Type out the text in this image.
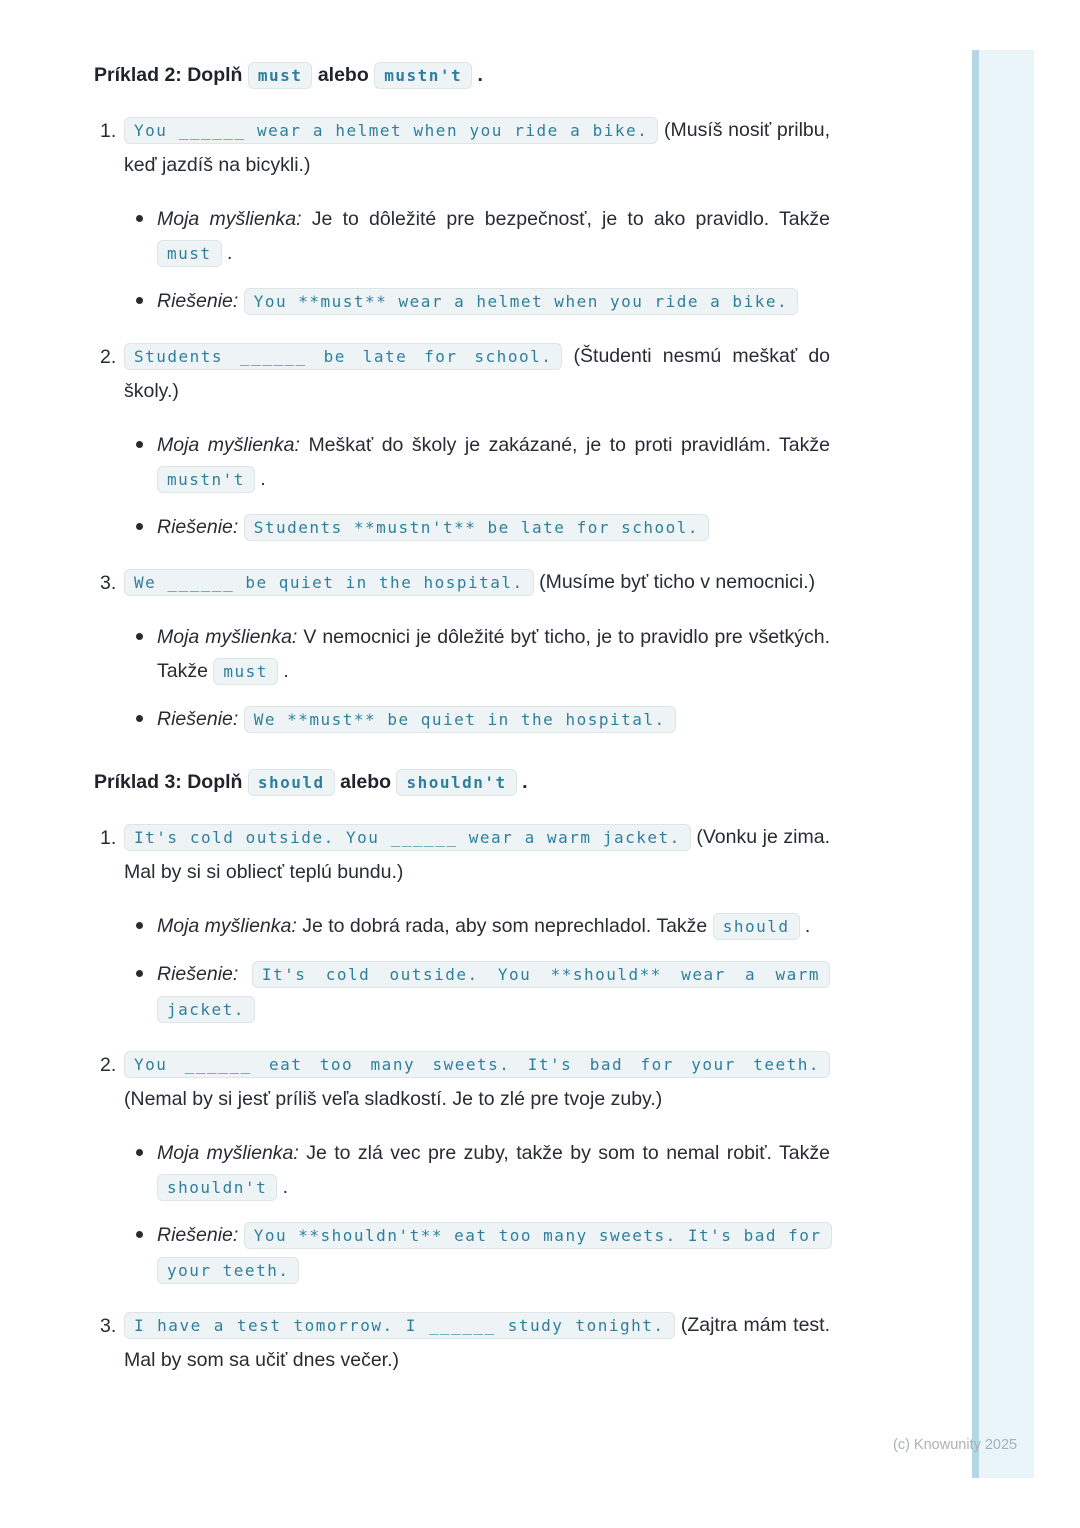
Príklad 2: Doplň must alebo mustn't .
1.	You ______ wear a helmet when you ride a bike. (Musíš nosiť prilbu, keď jazdíš na bicykli.)

Moja myšlienka: Je to dôležité pre bezpečnosť, je to ako pravidlo. Takže must .
Riešenie: You **must** wear a helmet when you ride a bike.
2.	Students ______ be late for school. (Študenti nesmú meškať do školy.)

Moja myšlienka: Meškať do školy je zakázané, je to proti pravidlám. Takže mustn't .
Riešenie: Students **mustn't** be late for school.
3.	We ______ be quiet in the hospital. (Musíme byť ticho v nemocnici.)

Moja myšlienka: V nemocnici je dôležité byť ticho, je to pravidlo pre všetkých. Takže must .
Riešenie: We **must** be quiet in the hospital.
Príklad 3: Doplň should alebo shouldn't .
1.	It's cold outside. You ______ wear a warm jacket. (Vonku je zima. Mal by si si obliecť teplú bundu.)

Moja myšlienka: Je to dobrá rada, aby som neprechladol. Takže should .
Riešenie: It's cold outside. You **should** wear a warm jacket.
2.	You ______ eat too many sweets. It's bad for your teeth. (Nemal by si jesť príliš veľa sladkostí. Je to zlé pre tvoje zuby.)

Moja myšlienka: Je to zlá vec pre zuby, takže by som to nemal robiť. Takže shouldn't .
Riešenie: You **shouldn't** eat too many sweets. It's bad for your teeth.
3.	I have a test tomorrow. I ______ study tonight. (Zajtra mám test. Mal by som sa učiť dnes večer.)

(c) Knowunity 2025
